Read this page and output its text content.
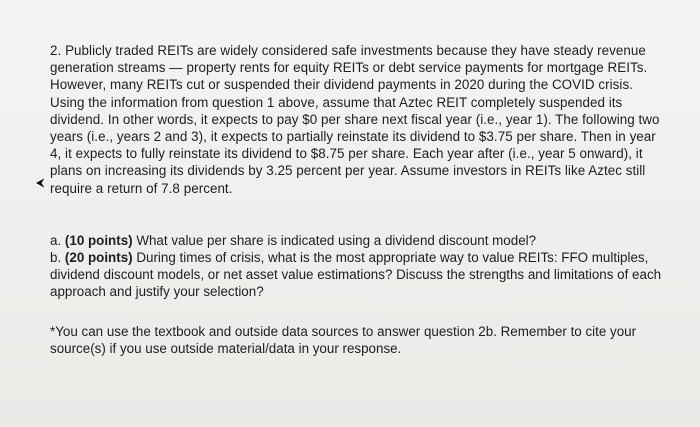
2. Publicly traded REITs are widely considered safe investments because they have steady revenue generation streams — property rents for equity REITs or debt service payments for mortgage REITs. However, many REITs cut or suspended their dividend payments in 2020 during the COVID crisis. Using the information from question 1 above, assume that Aztec REIT completely suspended its dividend. In other words, it expects to pay $0 per share next fiscal year (i.e., year 1). The following two years (i.e., years 2 and 3), it expects to partially reinstate its dividend to $3.75 per share. Then in year 4, it expects to fully reinstate its dividend to $8.75 per share. Each year after (i.e., year 5 onward), it plans on increasing its dividends by 3.25 percent per year. Assume investors in REITs like Aztec still require a return of 7.8 percent.

a. (10 points) What value per share is indicated using a dividend discount model?

b. (20 points) During times of crisis, what is the most appropriate way to value REITs: FFO multiples, dividend discount models, or net asset value estimations? Discuss the strengths and limitations of each approach and justify your selection?

*You can use the textbook and outside data sources to answer question 2b. Remember to cite your source(s) if you use outside material/data in your response.
